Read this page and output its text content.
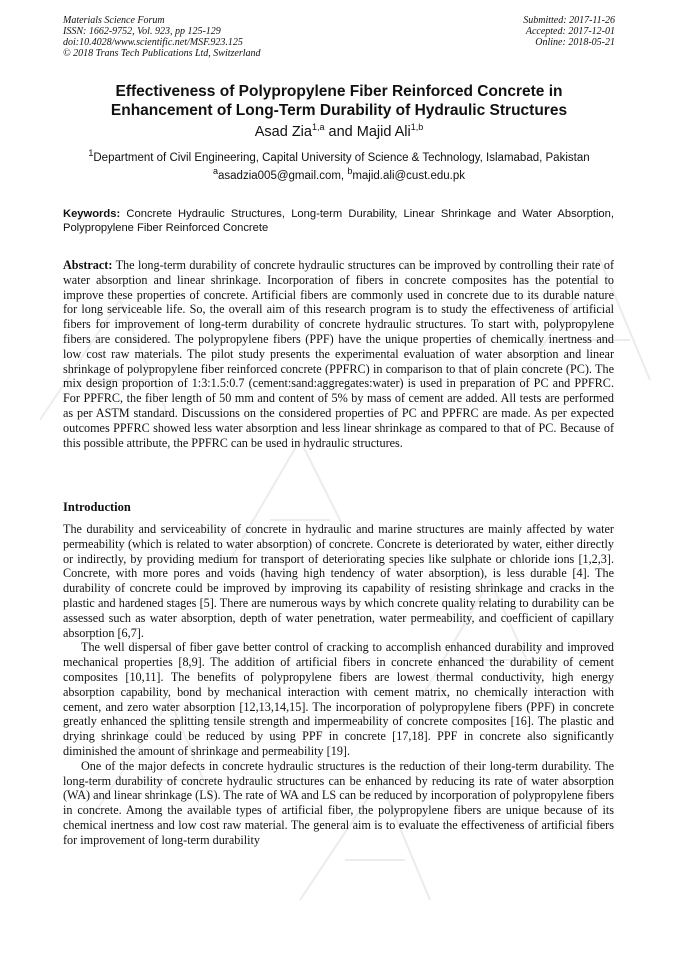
Materials Science Forum
ISSN: 1662-9752, Vol. 923, pp 125-129
doi:10.4028/www.scientific.net/MSF.923.125
© 2018 Trans Tech Publications Ltd, Switzerland
Submitted: 2017-11-26
Accepted: 2017-12-01
Online: 2018-05-21
Effectiveness of Polypropylene Fiber Reinforced Concrete in
Enhancement of Long-Term Durability of Hydraulic Structures
Asad Zia$^{1,a}$ and Majid Ali$^{1,b}$
$^1$Department of Civil Engineering, Capital University of Science & Technology, Islamabad, Pakistan
$^a$asadzia005@gmail.com, $^b$majid.ali@cust.edu.pk
Keywords: Concrete Hydraulic Structures, Long-term Durability, Linear Shrinkage and Water Absorption, Polypropylene Fiber Reinforced Concrete
Abstract: The long-term durability of concrete hydraulic structures can be improved by controlling their rate of water absorption and linear shrinkage. Incorporation of fibers in concrete composites has the potential to improve these properties of concrete. Artificial fibers are commonly used in concrete due to its durable nature for long serviceable life. So, the overall aim of this research program is to study the effectiveness of artificial fibers for improvement of long-term durability of concrete hydraulic structures. To start with, polypropylene fibers are considered. The polypropylene fibers (PPF) have the unique properties of chemically inertness and low cost raw materials. The pilot study presents the experimental evaluation of water absorption and linear shrinkage of polypropylene fiber reinforced concrete (PPFRC) in comparison to that of plain concrete (PC). The mix design proportion of 1:3:1.5:0.7 (cement:sand:aggregates:water) is used in preparation of PC and PPFRC. For PPFRC, the fiber length of 50 mm and content of 5% by mass of cement are added. All tests are performed as per ASTM standard. Discussions on the considered properties of PC and PPFRC are made. As per expected outcomes PPFRC showed less water absorption and less linear shrinkage as compared to that of PC. Because of this possible attribute, the PPFRC can be used in hydraulic structures.
Introduction

The durability and serviceability of concrete in hydraulic and marine structures are mainly affected by water permeability (which is related to water absorption) of concrete. Concrete is deteriorated by water, either directly or indirectly, by providing medium for transport of deteriorating species like sulphate or chloride ions [1,2,3]. Concrete, with more pores and voids (having high tendency of water absorption), is less durable [4]. The durability of concrete could be improved by improving its capability of resisting shrinkage and cracks in the plastic and hardened stages [5]. There are numerous ways by which concrete quality relating to durability can be assessed such as water absorption, depth of water penetration, water permeability, and coefficient of capillary absorption [6,7].

The well dispersal of fiber gave better control of cracking to accomplish enhanced durability and improved mechanical properties [8,9]. The addition of artificial fibers in concrete enhanced the durability of cement composites [10,11]. The benefits of polypropylene fibers are lowest thermal conductivity, high energy absorption capability, bond by mechanical interaction with cement matrix, no chemically interaction with cement, and zero water absorption [12,13,14,15]. The incorporation of polypropylene fibers (PPF) in concrete greatly enhanced the splitting tensile strength and impermeability of concrete composites [16]. The plastic and drying shrinkage could be reduced by using PPF in concrete [17,18]. PPF in concrete also significantly diminished the amount of shrinkage and permeability [19].

One of the major defects in concrete hydraulic structures is the reduction of their long-term durability. The long-term durability of concrete hydraulic structures can be enhanced by reducing its rate of water absorption (WA) and linear shrinkage (LS). The rate of WA and LS can be reduced by incorporation of polypropylene fibers in concrete. Among the available types of artificial fiber, the polypropylene fibers are unique because of its chemical inertness and low cost raw material. The general aim is to evaluate the effectiveness of artificial fibers for improvement of long-term durability
